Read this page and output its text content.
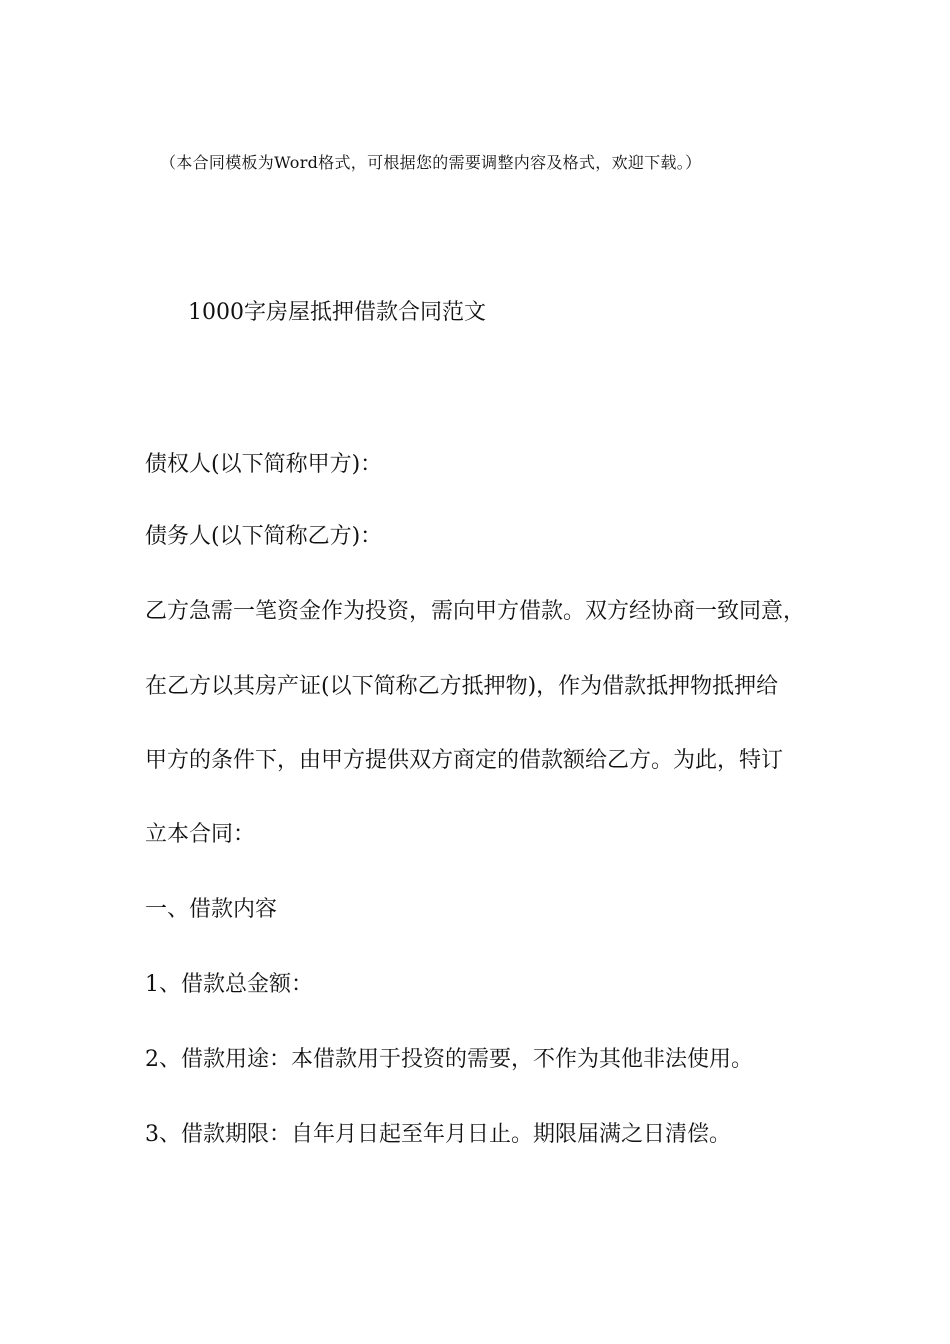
（本合同模板为Word格式，可根据您的需要调整内容及格式，欢迎下载。）
1000字房屋抵押借款合同范文
债权人(以下简称甲方)：
债务人(以下简称乙方)：
乙方急需一笔资金作为投资，需向甲方借款。双方经协商一致同意，
在乙方以其房产证(以下简称乙方抵押物)，作为借款抵押物抵押给
甲方的条件下，由甲方提供双方商定的借款额给乙方。为此，特订
立本合同：
一、借款内容
1、借款总金额：
2、借款用途：本借款用于投资的需要，不作为其他非法使用。
3、借款期限：自年月日起至年月日止。期限届满之日清偿。
